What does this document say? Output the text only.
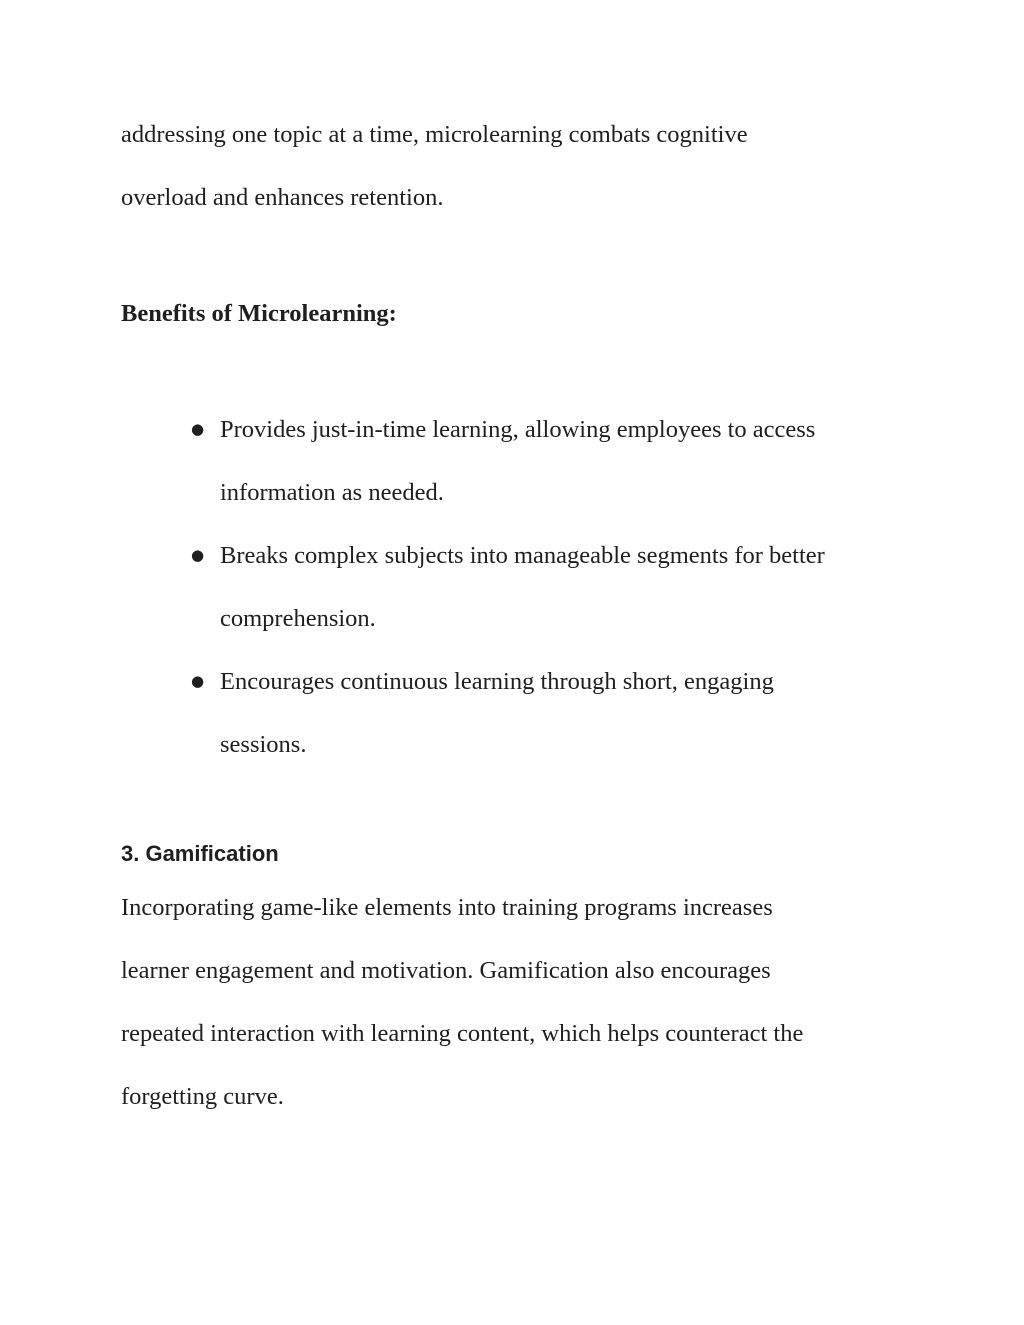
addressing one topic at a time, microlearning combats cognitive
overload and enhances retention.

Benefits of Microlearning:

● Provides just-in-time learning, allowing employees to access
information as needed.
● Breaks complex subjects into manageable segments for better
comprehension.
● Encourages continuous learning through short, engaging
sessions.
3. Gamification

Incorporating game-like elements into training programs increases
learner engagement and motivation. Gamification also encourages
repeated interaction with learning content, which helps counteract the
forgetting curve.
